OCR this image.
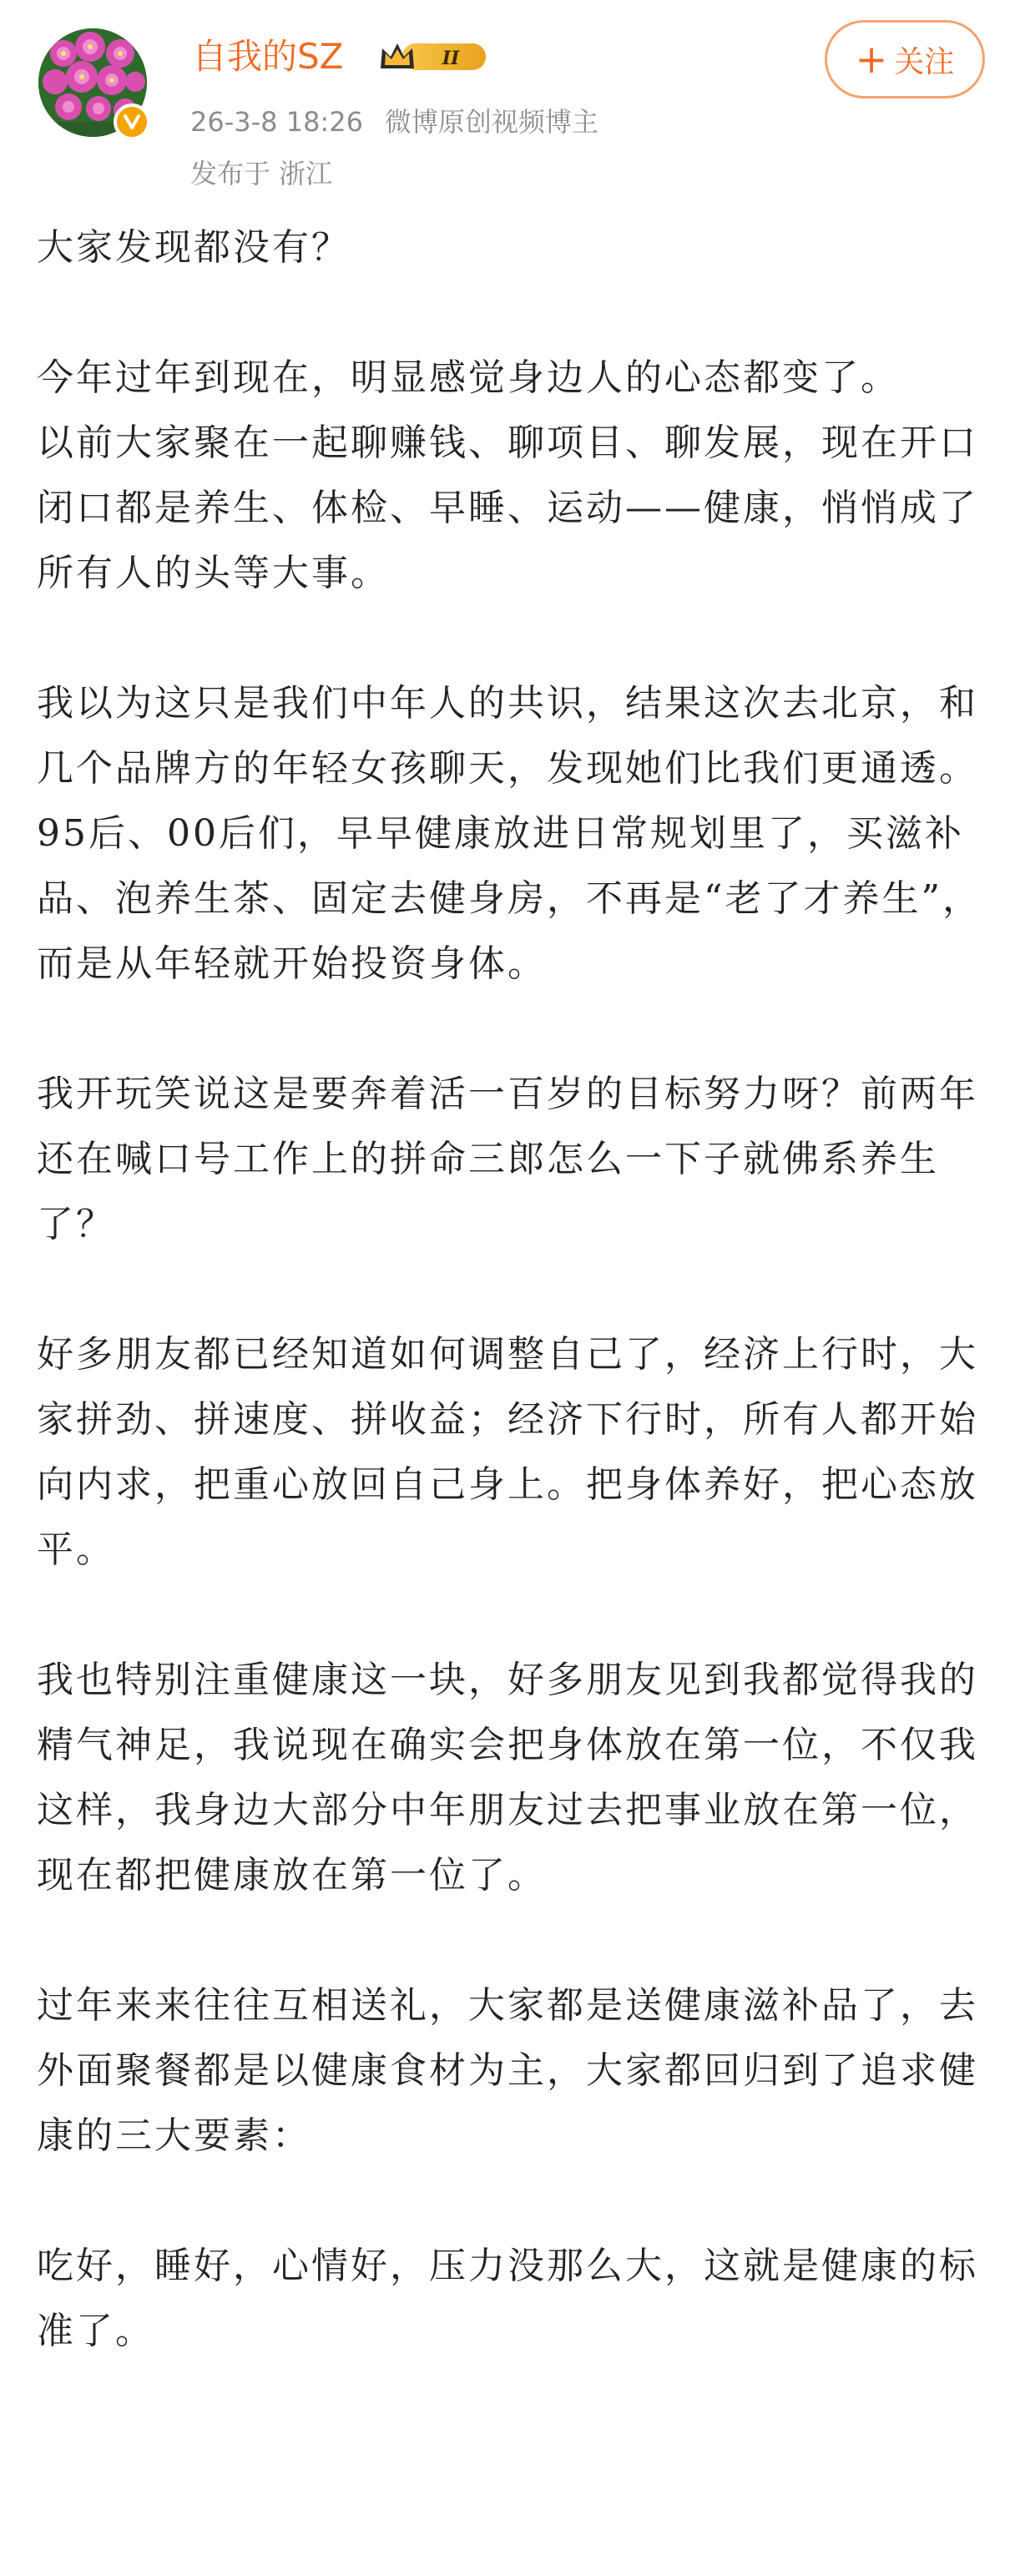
自我的SZ	II
26-3-8 18:26 微博原创视频博主
发布于 浙江
+ 关注

大家发现都没有？

今年过年到现在，明显感觉身边人的心态都变了。
以前大家聚在一起聊赚钱、聊项目、聊发展，现在开口闭口都是养生、体检、早睡、运动——健康，悄悄成了所有人的头等大事。

我以为这只是我们中年人的共识，结果这次去北京，和几个品牌方的年轻女孩聊天，发现她们比我们更通透。95后、00后们，早早健康放进日常规划里了，买滋补品、泡养生茶、固定去健身房，不再是“老了才养生”，而是从年轻就开始投资身体。

我开玩笑说这是要奔着活一百岁的目标努力呀？前两年还在喊口号工作上的拼命三郎怎么一下子就佛系养生了？

好多朋友都已经知道如何调整自己了，经济上行时，大家拼劲、拼速度、拼收益；经济下行时，所有人都开始向内求，把重心放回自己身上。把身体养好，把心态放平。

我也特别注重健康这一块，好多朋友见到我都觉得我的精气神足，我说现在确实会把身体放在第一位，不仅我这样，我身边大部分中年朋友过去把事业放在第一位，现在都把健康放在第一位了。

过年来来往往互相送礼，大家都是送健康滋补品了，去外面聚餐都是以健康食材为主，大家都回归到了追求健康的三大要素：

吃好，睡好，心情好，压力没那么大，这就是健康的标准了。
